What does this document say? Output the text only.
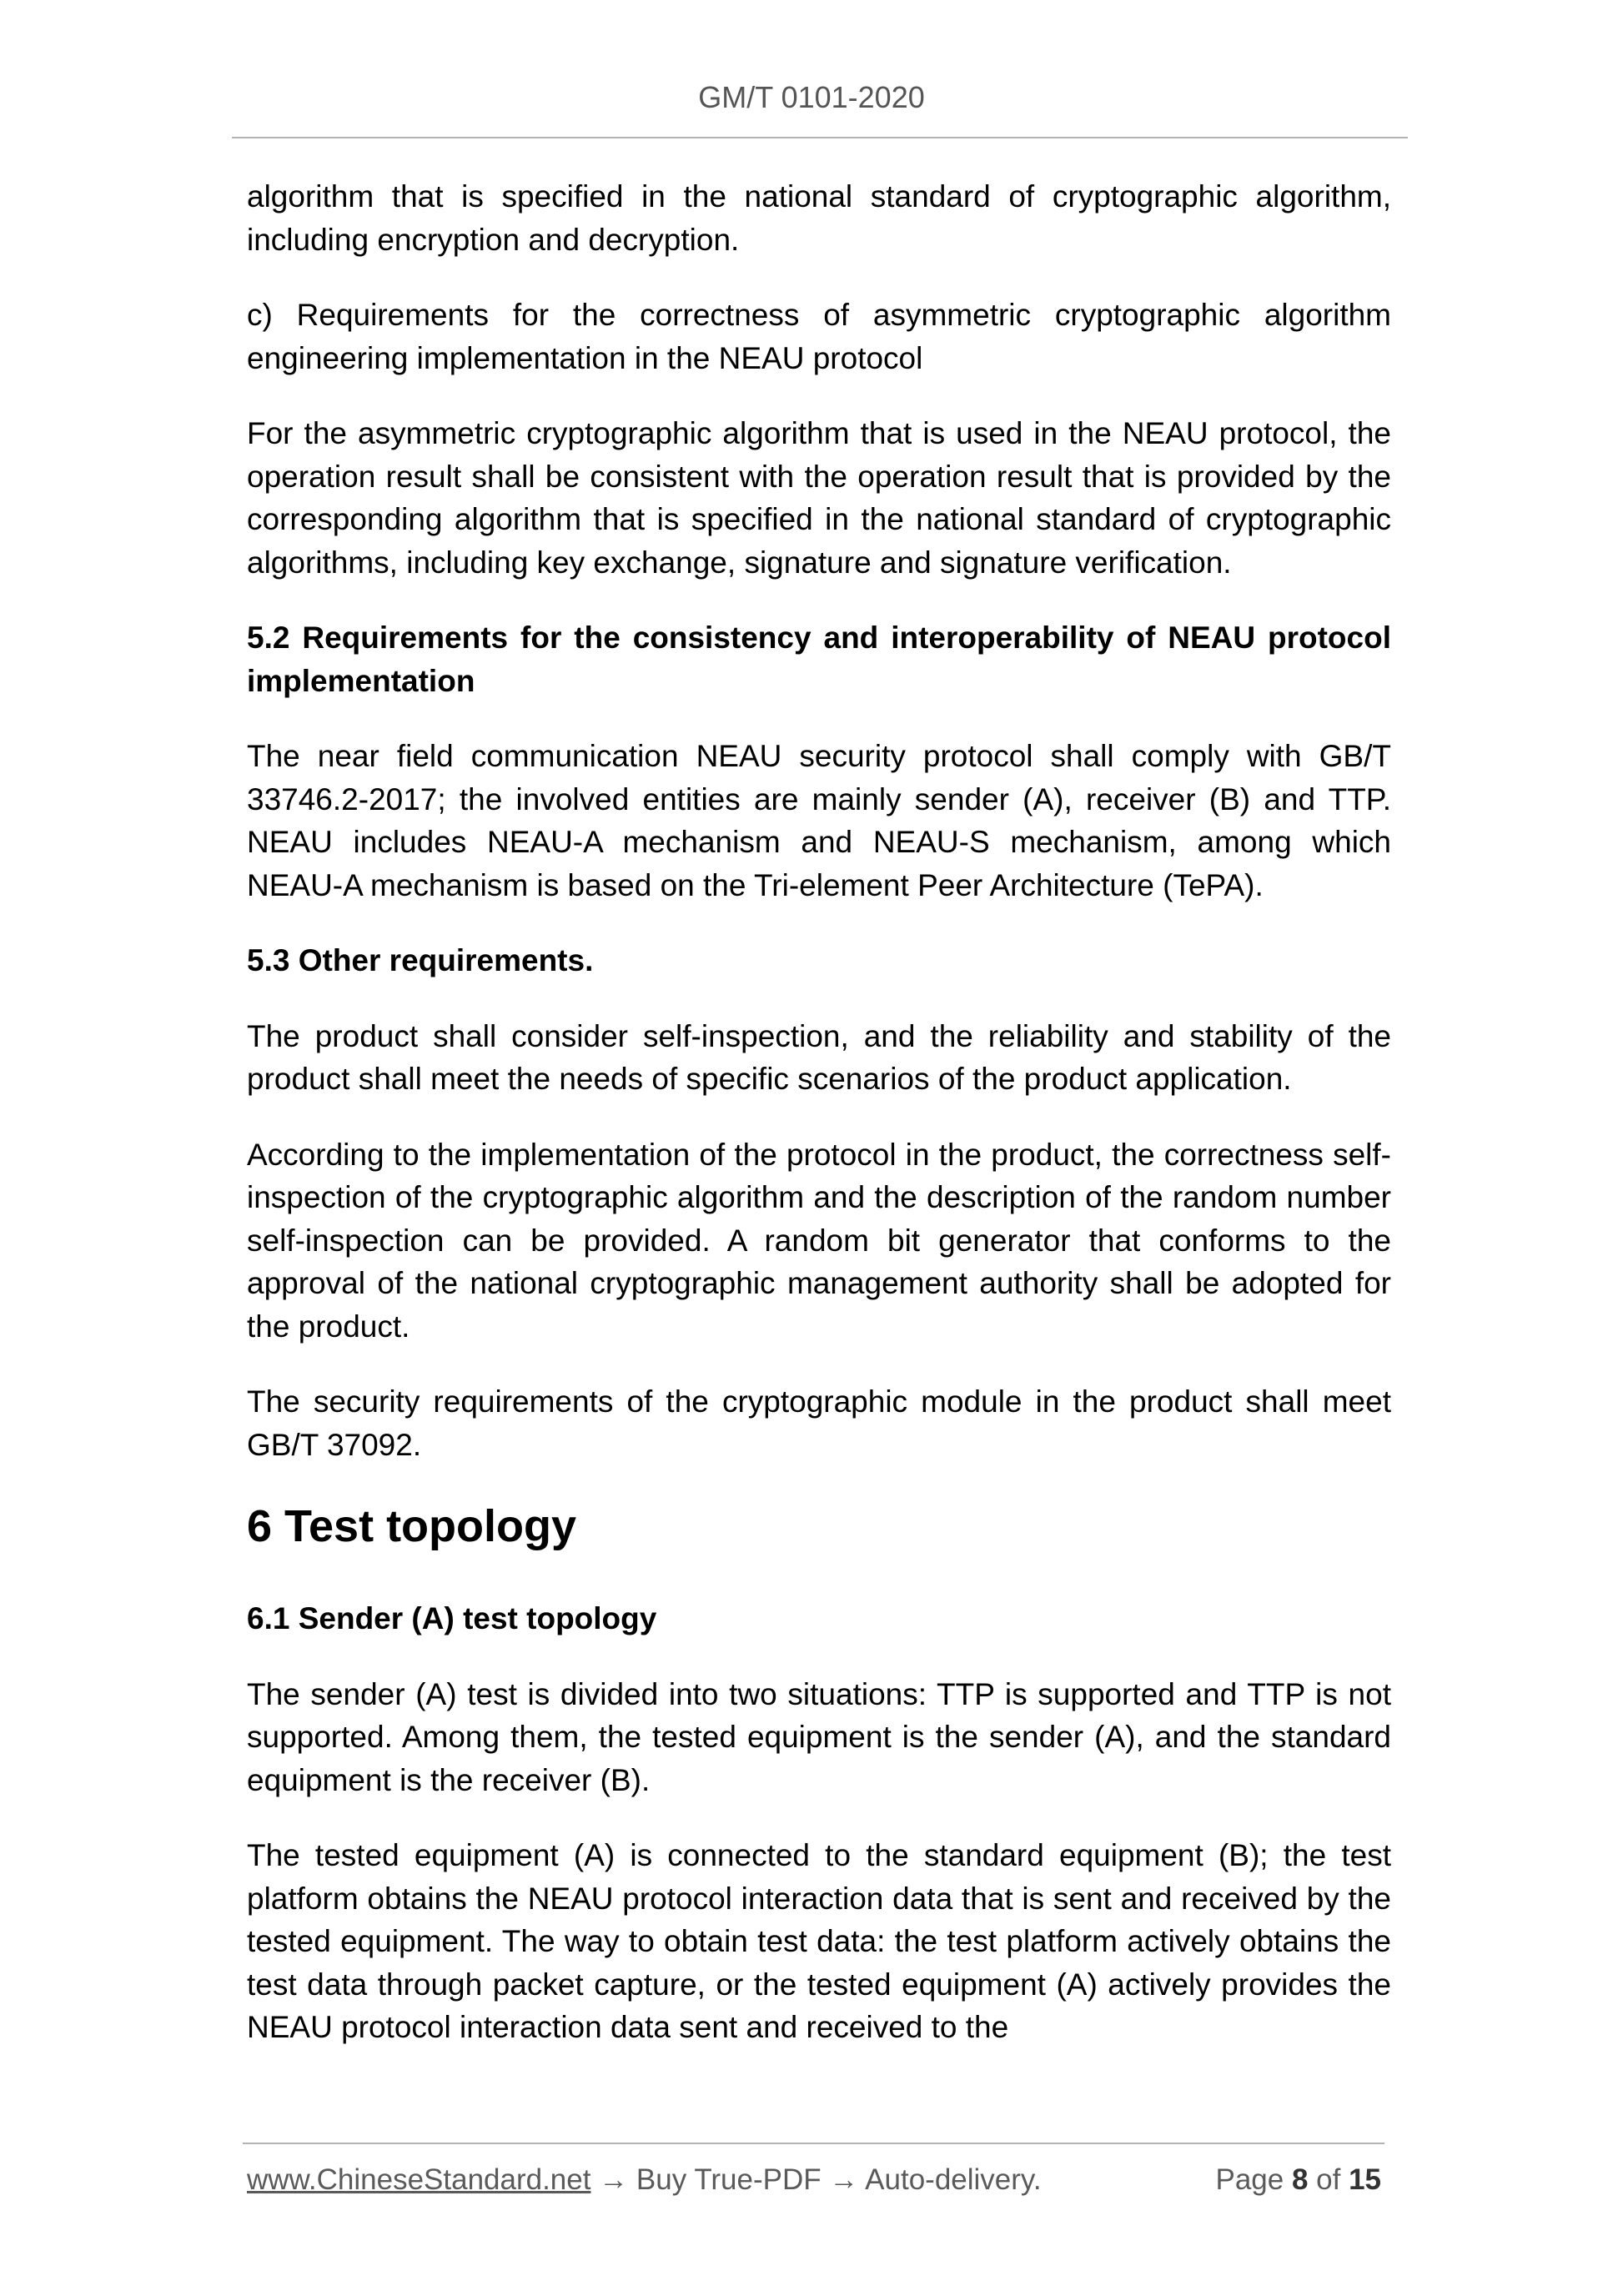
GM/T 0101-2020

algorithm that is specified in the national standard of cryptographic algorithm, including encryption and decryption.

c) Requirements for the correctness of asymmetric cryptographic algorithm engineering implementation in the NEAU protocol

For the asymmetric cryptographic algorithm that is used in the NEAU protocol, the operation result shall be consistent with the operation result that is provided by the corresponding algorithm that is specified in the national standard of cryptographic algorithms, including key exchange, signature and signature verification.

5.2 Requirements for the consistency and interoperability of NEAU protocol implementation

The near field communication NEAU security protocol shall comply with GB/T 33746.2-2017; the involved entities are mainly sender (A), receiver (B) and TTP. NEAU includes NEAU-A mechanism and NEAU-S mechanism, among which NEAU-A mechanism is based on the Tri-element Peer Architecture (TePA).

5.3 Other requirements.

The product shall consider self-inspection, and the reliability and stability of the product shall meet the needs of specific scenarios of the product application.

According to the implementation of the protocol in the product, the correctness self-inspection of the cryptographic algorithm and the description of the random number self-inspection can be provided. A random bit generator that conforms to the approval of the national cryptographic management authority shall be adopted for the product.

The security requirements of the cryptographic module in the product shall meet GB/T 37092.

6 Test topology
6.1 Sender (A) test topology

The sender (A) test is divided into two situations: TTP is supported and TTP is not supported. Among them, the tested equipment is the sender (A), and the standard equipment is the receiver (B).

The tested equipment (A) is connected to the standard equipment (B); the test platform obtains the NEAU protocol interaction data that is sent and received by the tested equipment. The way to obtain test data: the test platform actively obtains the test data through packet capture, or the tested equipment (A) actively provides the NEAU protocol interaction data sent and received to the

www.ChineseStandard.net → Buy True-PDF → Auto-delivery.	Page 8 of 15
